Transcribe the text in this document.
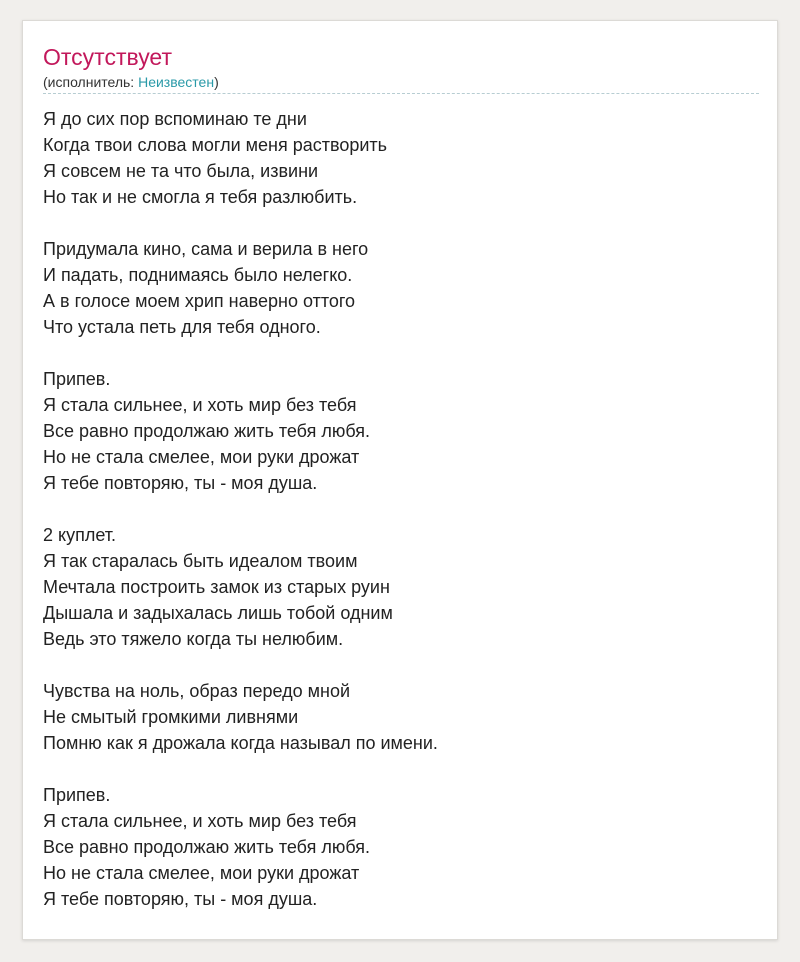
Отсутствует
(исполнитель: Неизвестен)
Я до сих пор вспоминаю те дни
Когда твои слова могли меня растворить
Я совсем не та что была, извини
Но так и не смогла я тебя разлюбить.
Придумала кино, сама и верила в него
И падать, поднимаясь было нелегко.
А в голосе моем хрип наверно оттого
Что устала петь для тебя одного.
Припев.
Я стала сильнее, и хоть мир без тебя
Все равно продолжаю жить тебя любя.
Но не стала смелее, мои руки дрожат
Я тебе повторяю, ты - моя душа.
2 куплет.
Я так старалась быть идеалом твоим
Мечтала построить замок из старых руин
Дышала и задыхалась лишь тобой одним
Ведь это тяжело когда ты нелюбим.
Чувства на ноль, образ передо мной
Не смытый громкими ливнями
Помню как я дрожала когда называл по имени.
Припев.
Я стала сильнее, и хоть мир без тебя
Все равно продолжаю жить тебя любя.
Но не стала смелее, мои руки дрожат
Я тебе повторяю, ты - моя душа.
